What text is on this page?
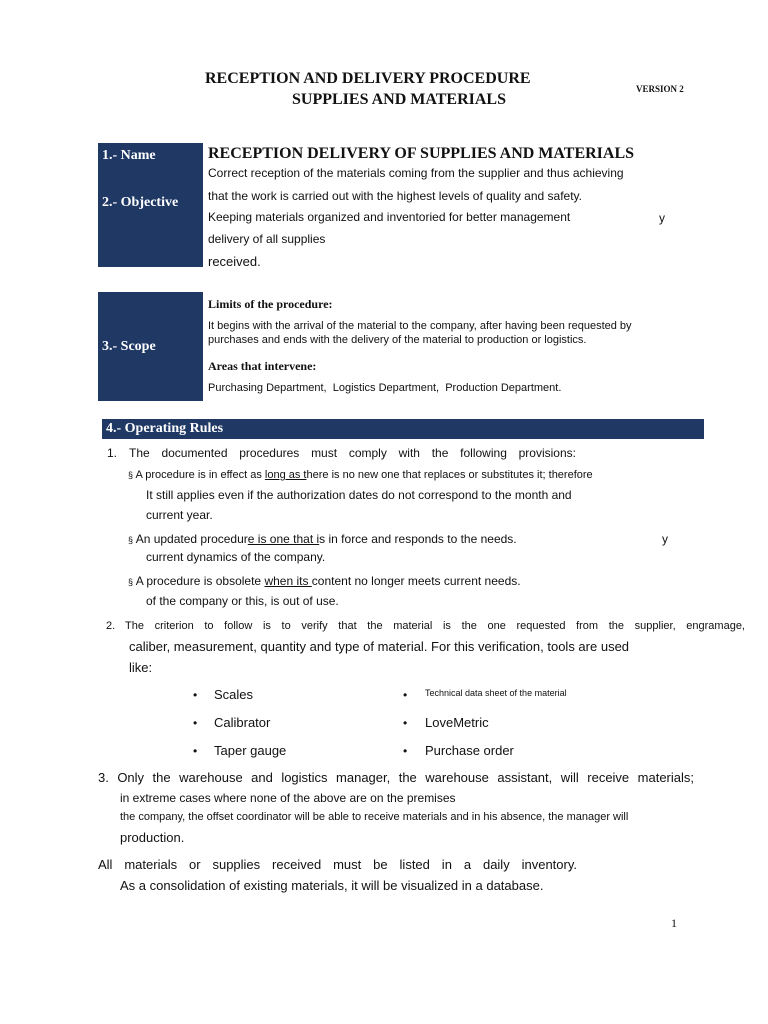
RECEPTION AND DELIVERY PROCEDURE
SUPPLIES AND MATERIALS
VERSION 2
1.- Name
2.- Objective
RECEPTION DELIVERY OF SUPPLIES AND MATERIALS
Correct reception of the materials coming from the supplier and thus achieving
that the work is carried out with the highest levels of quality and safety.
Keeping materials organized and inventoried for better management	y
delivery of all supplies
received.
3.- Scope
Limits of the procedure:
It begins with the arrival of the material to the company, after having been requested by
purchases and ends with the delivery of the material to production or logistics.
Areas that intervene:
Purchasing Department,  Logistics Department,  Production Department.
4.- Operating Rules
1. The documented procedures must comply with the following provisions:
§ A procedure is in effect as long as there is no new one that replaces or substitutes it; therefore
It still applies even if the authorization dates do not correspond to the month and
current year.
§ An updated procedure is one that is in force and responds to the needs.	y
current dynamics of the company.
§ A procedure is obsolete when its content no longer meets current needs.
of the company or this, is out of use.
2. The criterion to follow is to verify that the material is the one requested from the supplier, engramage,
caliber, measurement, quantity and type of material. For this verification, tools are used
like:
• Scales
• Calibrator
• Taper gauge
• Technical data sheet of the material
• LoveMetric
• Purchase order
3. Only the warehouse and logistics manager, the warehouse assistant, will receive materials;
in extreme cases where none of the above are on the premises
the company, the offset coordinator will be able to receive materials and in his absence, the manager will
production.
All materials or supplies received must be listed in a daily inventory.
As a consolidation of existing materials, it will be visualized in a database.
1
